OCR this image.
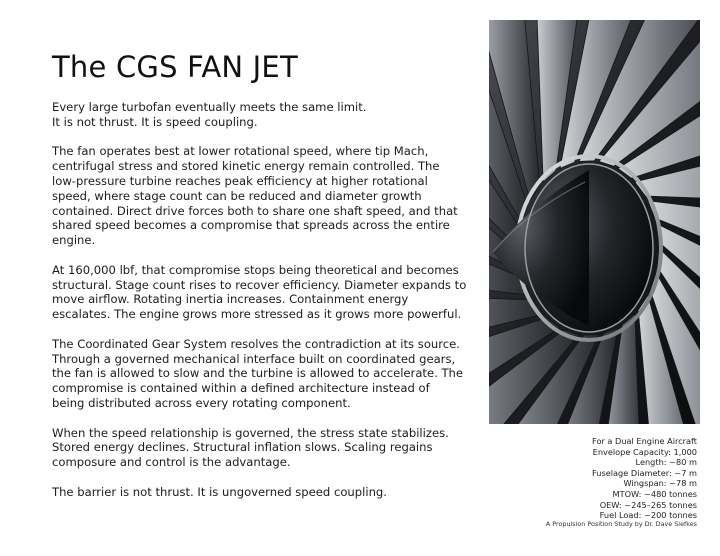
The CGS FAN JET

Every large turbofan eventually meets the same limit.
It is not thrust. It is speed coupling.

The fan operates best at lower rotational speed, where tip Mach,
centrifugal stress and stored kinetic energy remain controlled. The
low-pressure turbine reaches peak efficiency at higher rotational
speed, where stage count can be reduced and diameter growth
contained. Direct drive forces both to share one shaft speed, and that
shared speed becomes a compromise that spreads across the entire
engine.

At 160,000 lbf, that compromise stops being theoretical and becomes
structural. Stage count rises to recover efficiency. Diameter expands to
move airflow. Rotating inertia increases. Containment energy
escalates. The engine grows more stressed as it grows more powerful.

The Coordinated Gear System resolves the contradiction at its source.
Through a governed mechanical interface built on coordinated gears,
the fan is allowed to slow and the turbine is allowed to accelerate. The
compromise is contained within a defined architecture instead of
being distributed across every rotating component.

When the speed relationship is governed, the stress state stabilizes.
Stored energy declines. Structural inflation slows. Scaling regains
composure and control is the advantage.

The barrier is not thrust. It is ungoverned speed coupling.

For a Dual Engine Aircraft
Envelope Capacity: 1,000
Length: ~80 m
Fuselage Diameter: ~7 m
Wingspan: ~78 m
MTOW: ~480 tonnes
OEW: ~245–265 tonnes
Fuel Load: ~200 tonnes
A Propulsion Position Study by Dr. Dave Siefkes
